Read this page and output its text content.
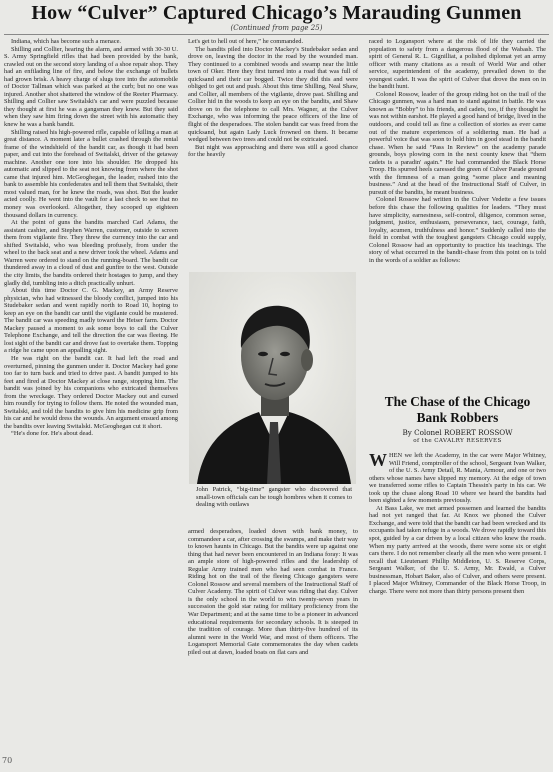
How “Culver” Captured Chicago’s Marauding Gunmen
(Continued from page 25)

Indiana, which has become such a menace.

Shilling and Collier, hearing the alarm, and armed with 30-30 U. S. Army Springfield rifles that had been provided by the bank, crawled out on the second story landing of a shoe repair shop. They had an enfilading line of fire, and below the exchange of bullets had grown brisk. A heavy charge of slugs tore into the automobile of Doctor Tallman which was parked at the curb; but no one was injured. Another shot shattered the window of the Reeter Pharmacy. Shilling and Collier saw Switalski's car and were puzzled because they thought at first he was a gangsman they knew. But they said when they saw him firing down the street with his automatic they knew he was a bank bandit.

Shilling raised his high-powered rifle, capable of killing a man at great distance. A moment later a bullet crashed through the rental frame of the windshield of the bandit car, as though it had been paper, and cut into the forehead of Switalski, driver of the getaway machine. Another one tore into his shoulder. He dropped his automatic and slipped to the seat not knowing from where the shot came that injured him. McGeoghegan, the leader, rushed into the bank to assemble his confederates and tell them that Switalski, their most valued man, for he knew the roads, was shot. But the leader acted coolly. He went into the vault for a last check to see that no money was overlooked. Altogether, they scooped up eighteen thousand dollars in currency.

At the point of guns the bandits marched Carl Adams, the assistant cashier, and Stephen Warren, customer, outside to screen them from vigilante fire. They threw the currency into the car and shifted Switalski, who was bleeding profusely, from under the wheel to the back seat and a new driver took the wheel. Adams and Warren were ordered to stand on the running-board. The bandit car thundered away in a cloud of dust and gunfire to the west. Outside the city limits, the bandits ordered their hostages to jump, and they gladly did, tumbling into a ditch practically unhurt.

About this time Doctor C. G. Mackey, an Army Reserve physician, who had witnessed the bloody conflict, jumped into his Studebaker sedan and went rapidly north to Road 10, hoping to keep an eye on the bandit car until the vigilante could be mustered. The bandit car was speeding madly toward the Heiser farm. Doctor Mackey paused a moment to ask some boys to call the Culver Telephone Exchange, and tell the direction the car was fleeing. He lost sight of the bandit car and drove fast to overtake them. Topping a ridge he came upon an appalling sight.

He was right on the bandit car. It had left the road and overturned, pinning the gunmen under it. Doctor Mackey had gone too far to turn back and tried to drive past. A bandit jumped to his feet and fired at Doctor Mackey at close range, stopping him. The bandit was joined by his companions who extricated themselves from the wreckage. They ordered Doctor Mackey out and cursed him roundly for trying to follow them. He noted the wounded man, Switalski, and told the bandits to give him his medicine grip from his car and he would dress the wounds. An argument ensued among the bandits over leaving Switalski. McGeoghegan cut it short.

“He's done for. He's about dead.

Let's get to hell out of here,” he commanded.

The bandits piled into Doctor Mackey's Studebaker sedan and drove on, leaving the doctor in the road by the wounded man. They continued to a combined woods and swamp near the little town of Oker. Here they first turned into a road that was full of quicksand and their car bogged. Twice they did this and were obliged to get out and push. About this time Shilling, Neal Shaw, and Collier, all members of the vigilante, drove past. Shilling and Collier hid in the woods to keep an eye on the bandits, and Shaw drove on to the telephone to call Mrs. Wagner, at the Culver Exchange, who was informing the peace officers of the line of flight of the desperadoes. The stolen bandit car was freed from the quicksand, but again Lady Luck frowned on them. It became wedged between two trees and could not be extricated.

But night was approaching and there was still a good chance for the heavily

John Patrick, “big-time” gangster who discovered that small-town officials can be tough hombres when it comes to dealing with outlaws

armed desperadoes, loaded down with bank money, to commandeer a car, after crossing the swamps, and make their way to known haunts in Chicago. But the bandits were up against one thing that had never been encountered in an Indiana foray: It was an ample store of high-powered rifles and the leadership of Regular Army trained men who had seen combat in France. Riding hot on the trail of the fleeing Chicago gangsters were Colonel Rossow and several members of the Instructional Staff of Culver Academy. The spirit of Culver was riding that day. Culver is the only school in the world to win twenty-seven years in succession the gold star rating for military proficiency from the War Department; and at the same time to be a pioneer in advanced educational requirements for secondary schools. It is steeped in the tradition of courage. More than thirty-five hundred of its alumni were in the World War, and most of them officers. The Logansport Memorial Gate commemorates the day when cadets piled out at dawn, loaded boats on flat cars and

raced to Logansport where at the risk of life they carried the population to safety from a dangerous flood of the Wabash. The spirit of General R. L. Gignilliat, a polished diplomat yet an army officer with many citations as a result of World War and other service, superintendent of the academy, prevailed down to the youngest cadet. It was the spirit of Culver that drove the men on in the bandit hunt.

Colonel Rossow, leader of the group riding hot on the trail of the Chicago gunmen, was a hard man to stand against in battle. He was known as “Bobby” to his friends, and cadets, too, if they thought he was not within earshot. He played a good hand of bridge, lived in the outdoors, and could tell as fine a collection of stories as ever came out of the mature experiences of a soldiering man. He had a powerful voice that was soon to hold him in good stead in the bandit chase. When he said “Pass In Review” on the academy parade grounds, boys plowing corn in the next county knew that “them cadets is a paradin' again.” He had commanded the Black Horse Troop. His spurred heels caressed the green of Culver Parade ground with the firmness of a man going “some place and meaning business.” And at the head of the Instructional Staff of Culver, in pursuit of the bandits, he meant business.

Colonel Rossow had written in the Culver Vedette a few issues before this chase the following qualities for leaders. “They must have simplicity, earnestness, self-control, diligence, common sense, judgment, justice, enthusiasm, perseverance, tact, courage, faith, loyalty, acumen, truthfulness and honor.” Suddenly called into the field in combat with the toughest gangsters Chicago could supply, Colonel Rossow had an opportunity to practice his teachings. The story of what occurred in the bandit-chase from this point on is told in the words of a soldier as follows:

The Chase of the Chicago Bank Robbers
By Colonel ROBERT ROSSOW
of the CAVALRY RESERVES

WHEN we left the Academy, in the car were Major Whitney, Will Friend, comptroller of the school, Sergeant Ivan Walker, of the U. S. Army Detail, R. Mania, Armour, and one or two others whose names have slipped my memory. At the edge of town we transferred some rifles to Captain Thessin's party in his car. We took up the chase along Road 10 where we heard the bandits had been sighted a few moments previously.

At Bass Lake, we met armed possemen and learned the bandits had not yet ranged that far. At Knox we phoned the Culver Exchange, and were told that the bandit car had been wrecked and its occupants had taken refuge in a woods. We drove rapidly toward this spot, guided by a car driven by a local citizen who knew the roads. When my party arrived at the woods, there were some six or eight cars there. I do not remember clearly all the men who were present. I recall that Lieutenant Phillip Middleton, U. S. Reserve Corps, Sergeant Walker, of the U. S. Army, Mr. Ewald, a Culver businessman, Hobart Baker, also of Culver, and others were present. I placed Major Whitney, Commander of the Black Horse Troop, in charge. There were not more than thirty persons present then

70
